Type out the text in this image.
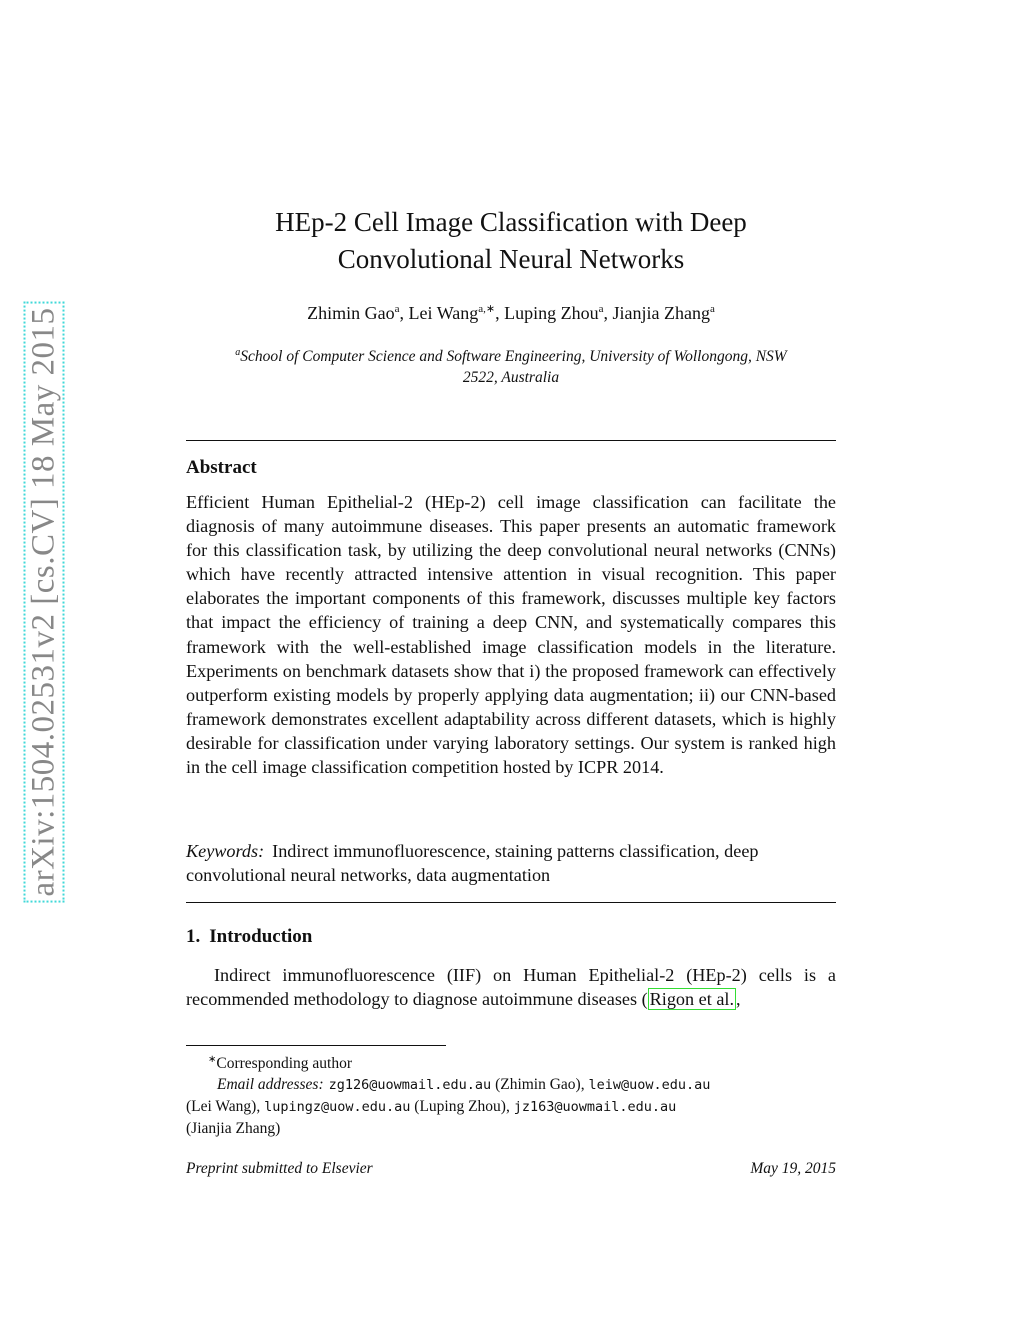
arXiv:1504.02531v2 [cs.CV] 18 May 2015
HEp-2 Cell Image Classification with Deep
Convolutional Neural Networks
Zhimin Gao$^a$, Lei Wang$^{a,∗}$, Luping Zhou$^a$, Jianjia Zhang$^a$
$^a$School of Computer Science and Software Engineering, University of Wollongong, NSW
2522, Australia
Abstract
Efficient Human Epithelial-2 (HEp-2) cell image classification can facilitate the diagnosis of many autoimmune diseases. This paper presents an automatic framework for this classification task, by utilizing the deep convolutional neural networks (CNNs) which have recently attracted intensive attention in visual recognition. This paper elaborates the important components of this framework, discusses multiple key factors that impact the efficiency of training a deep CNN, and systematically compares this framework with the well-established image classification models in the literature. Experiments on benchmark datasets show that i) the proposed framework can effectively outperform existing models by properly applying data augmentation; ii) our CNN-based framework demonstrates excellent adaptability across different datasets, which is highly desirable for classification under varying laboratory settings. Our system is ranked high in the cell image classification competition hosted by ICPR 2014.
Keywords: Indirect immunofluorescence, staining patterns classification, deep convolutional neural networks, data augmentation
1. Introduction
Indirect immunofluorescence (IIF) on Human Epithelial-2 (HEp-2) cells is a recommended methodology to diagnose autoimmune diseases ( Rigon et al. ,
∗Corresponding author
Email addresses: zg126@uowmail.edu.au (Zhimin Gao), leiw@uow.edu.au
(Lei Wang), lupingz@uow.edu.au (Luping Zhou), jz163@uowmail.edu.au
(Jianjia Zhang)
Preprint submitted to Elsevier	May 19, 2015
